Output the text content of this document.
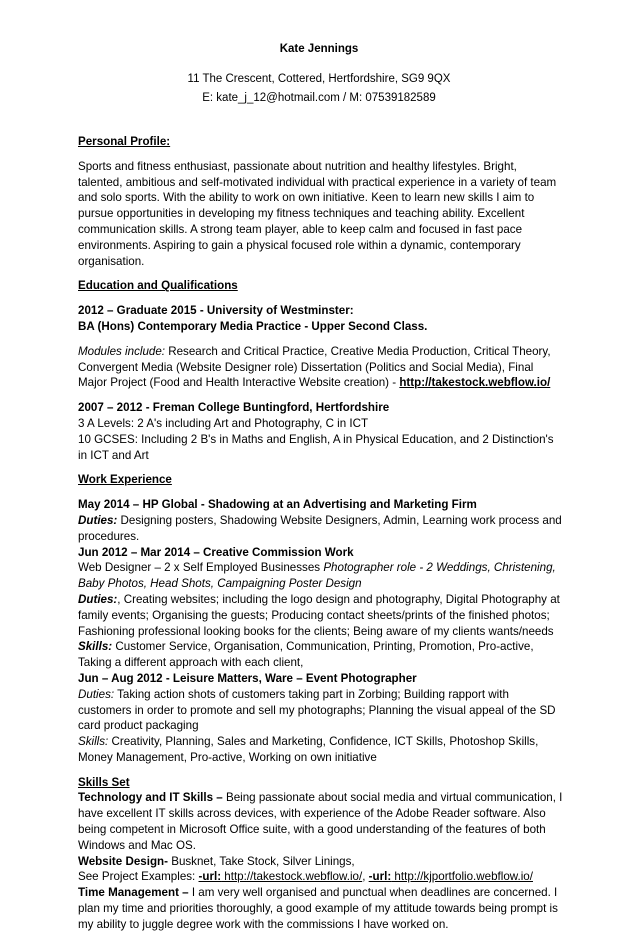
Kate Jennings
11 The Crescent, Cottered, Hertfordshire, SG9 9QX
E: kate_j_12@hotmail.com / M: 07539182589

Personal Profile:

Sports and fitness enthusiast, passionate about nutrition and healthy lifestyles. Bright, talented, ambitious and self-motivated individual with practical experience in a variety of team and solo sports. With the ability to work on own initiative. Keen to learn new skills I aim to pursue opportunities in developing my fitness techniques and teaching ability. Excellent communication skills. A strong team player, able to keep calm and focused in fast pace environments. Aspiring to gain a physical focused role within a dynamic, contemporary organisation.

Education and Qualifications

2012 – Graduate 2015 - University of Westminster:

BA (Hons) Contemporary Media Practice - Upper Second Class.

Modules include: Research and Critical Practice, Creative Media Production, Critical Theory, Convergent Media (Website Designer role) Dissertation (Politics and Social Media), Final Major Project (Food and Health Interactive Website creation) - http://takestock.webflow.io/

2007 – 2012 - Freman College Buntingford, Hertfordshire

3 A Levels: 2 A's including Art and Photography, C in ICT

10 GCSES: Including 2 B's in Maths and English, A in Physical Education, and 2 Distinction's in ICT and Art

Work Experience

May 2014 – HP Global - Shadowing at an Advertising and Marketing Firm

Duties: Designing posters, Shadowing Website Designers, Admin, Learning work process and procedures.

Jun 2012 – Mar 2014 – Creative Commission Work

Web Designer – 2 x Self Employed Businesses Photographer role - 2 Weddings, Christening, Baby Photos, Head Shots, Campaigning Poster Design

Duties:, Creating websites; including the logo design and photography, Digital Photography at family events; Organising the guests; Producing contact sheets/prints of the finished photos; Fashioning professional looking books for the clients; Being aware of my clients wants/needs

Skills: Customer Service, Organisation, Communication, Printing, Promotion, Pro-active, Taking a different approach with each client,

Jun – Aug 2012 - Leisure Matters, Ware – Event Photographer

Duties: Taking action shots of customers taking part in Zorbing; Building rapport with customers in order to promote and sell my photographs; Planning the visual appeal of the SD card product packaging

Skills: Creativity, Planning, Sales and Marketing, Confidence, ICT Skills, Photoshop Skills, Money Management, Pro-active, Working on own initiative

Skills Set

Technology and IT Skills – Being passionate about social media and virtual communication, I have excellent IT skills across devices, with experience of the Adobe Reader software. Also being competent in Microsoft Office suite, with a good understanding of the features of both Windows and Mac OS.

Website Design- Busknet, Take Stock, Silver Linings,

See Project Examples: -url: http://takestock.webflow.io/, -url: http://kjportfolio.webflow.io/

Time Management – I am very well organised and punctual when deadlines are concerned. I plan my time and priorities thoroughly, a good example of my attitude towards being prompt is my ability to juggle degree work with the commissions I have worked on.
